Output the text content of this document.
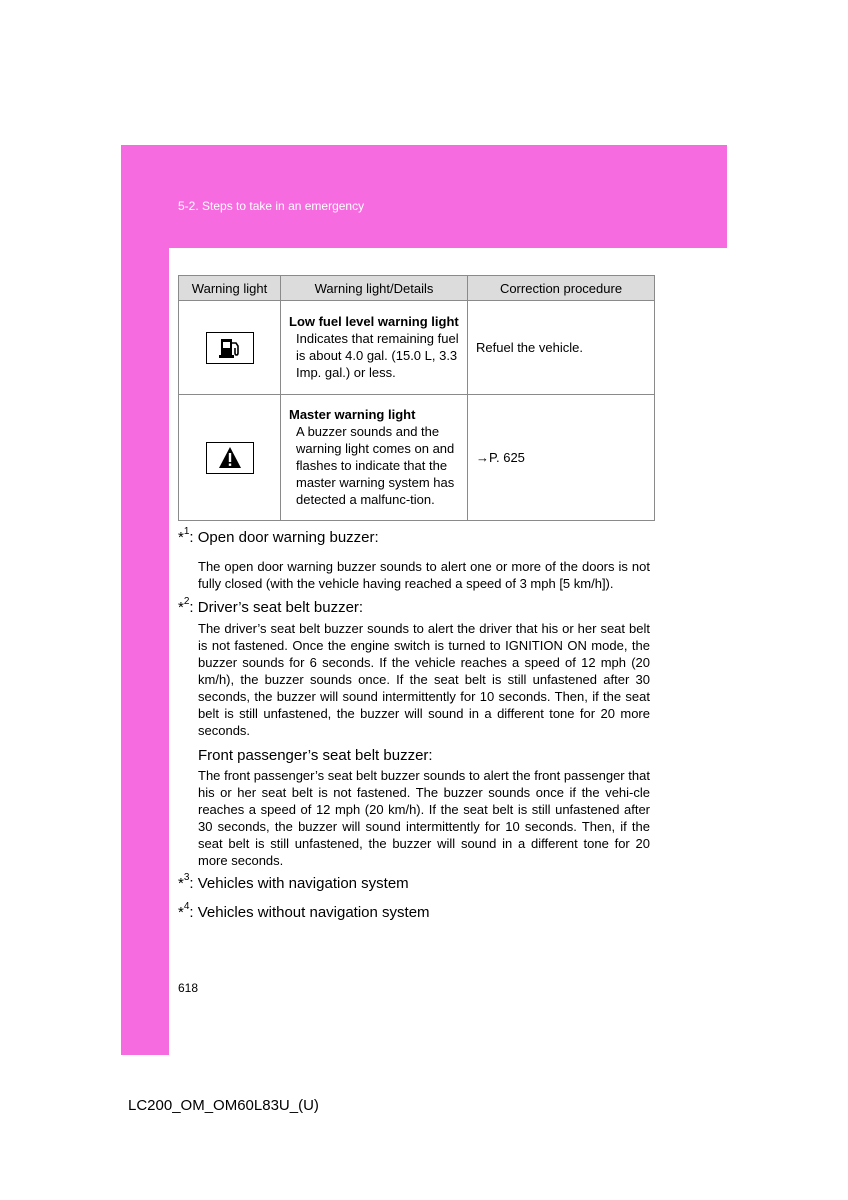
5-2. Steps to take in an emergency
Warning light	Warning light/Details	Correction procedure

Low fuel level warning light
Indicates that remaining fuel is about 4.0 gal. (15.0 L, 3.3 Imp. gal.) or less.	Refuel the vehicle.

Master warning light
A buzzer sounds and the warning light comes on and flashes to indicate that the master warning system has detected a malfunc-tion.	→P. 625
*$^1$: Open door warning buzzer:
The open door warning buzzer sounds to alert one or more of the doors is not fully closed (with the vehicle having reached a speed of 3 mph [5 km/h]).
*$^2$: Driver’s seat belt buzzer:
The driver’s seat belt buzzer sounds to alert the driver that his or her seat belt is not fastened. Once the engine switch is turned to IGNITION ON mode, the buzzer sounds for 6 seconds. If the vehicle reaches a speed of 12 mph (20 km/h), the buzzer sounds once. If the seat belt is still unfastened after 30 seconds, the buzzer will sound intermittently for 10 seconds. Then, if the seat belt is still unfastened, the buzzer will sound in a different tone for 20 more seconds.
Front passenger’s seat belt buzzer:
The front passenger’s seat belt buzzer sounds to alert the front passenger that his or her seat belt is not fastened. The buzzer sounds once if the vehi-cle reaches a speed of 12 mph (20 km/h). If the seat belt is still unfastened after 30 seconds, the buzzer will sound intermittently for 10 seconds. Then, if the seat belt is still unfastened, the buzzer will sound in a different tone for 20 more seconds.
*$^3$: Vehicles with navigation system
*$^4$: Vehicles without navigation system
618
LC200_OM_OM60L83U_(U)
